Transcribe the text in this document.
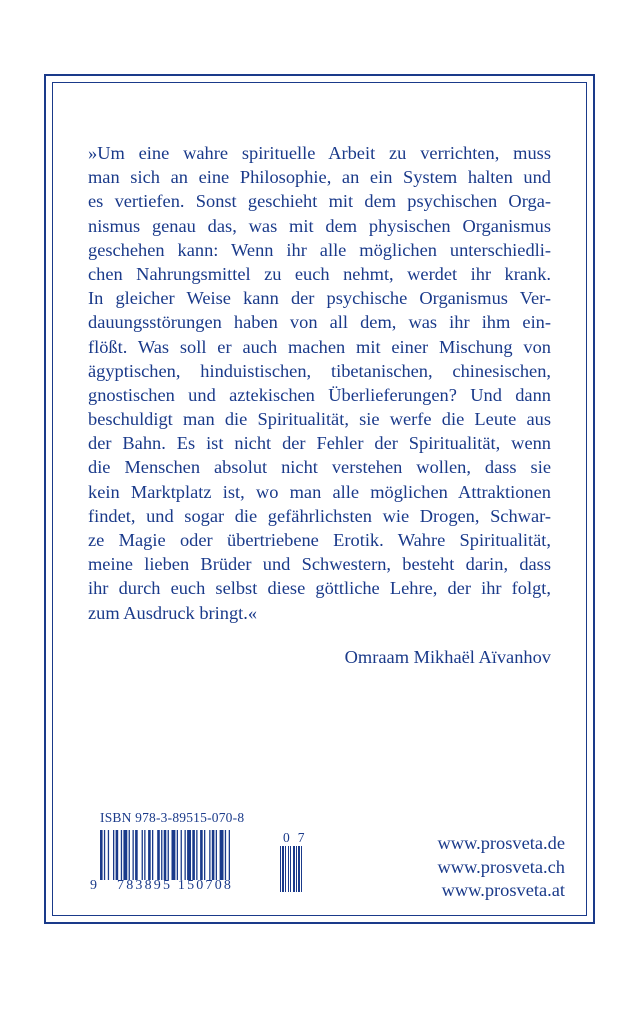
»Um eine wahre spirituelle Arbeit zu verrichten, muss
man sich an eine Philosophie, an ein System halten und
es vertiefen. Sonst geschieht mit dem psychischen Orga-
nismus genau das, was mit dem physischen Organismus
geschehen kann: Wenn ihr alle möglichen unterschiedli-
chen Nahrungsmittel zu euch nehmt, werdet ihr krank.
In gleicher Weise kann der psychische Organismus Ver-
dauungsstörungen haben von all dem, was ihr ihm ein-
flößt. Was soll er auch machen mit einer Mischung von
ägyptischen, hinduistischen, tibetanischen, chinesischen,
gnostischen und aztekischen Überlieferungen? Und dann
beschuldigt man die Spiritualität, sie werfe die Leute aus
der Bahn. Es ist nicht der Fehler der Spiritualität, wenn
die Menschen absolut nicht verstehen wollen, dass sie
kein Marktplatz ist, wo man alle möglichen Attraktionen
findet, und sogar die gefährlichsten wie Drogen, Schwar-
ze Magie oder übertriebene Erotik. Wahre Spiritualität,
meine lieben Brüder und Schwestern, besteht darin, dass
ihr durch euch selbst diese göttliche Lehre, der ihr folgt,
zum Ausdruck bringt.«
Omraam Mikhaël Aïvanhov
ISBN 978-3-89515-070-8
07
9 783895 150708
www.prosveta.de
www.prosveta.ch
www.prosveta.at
